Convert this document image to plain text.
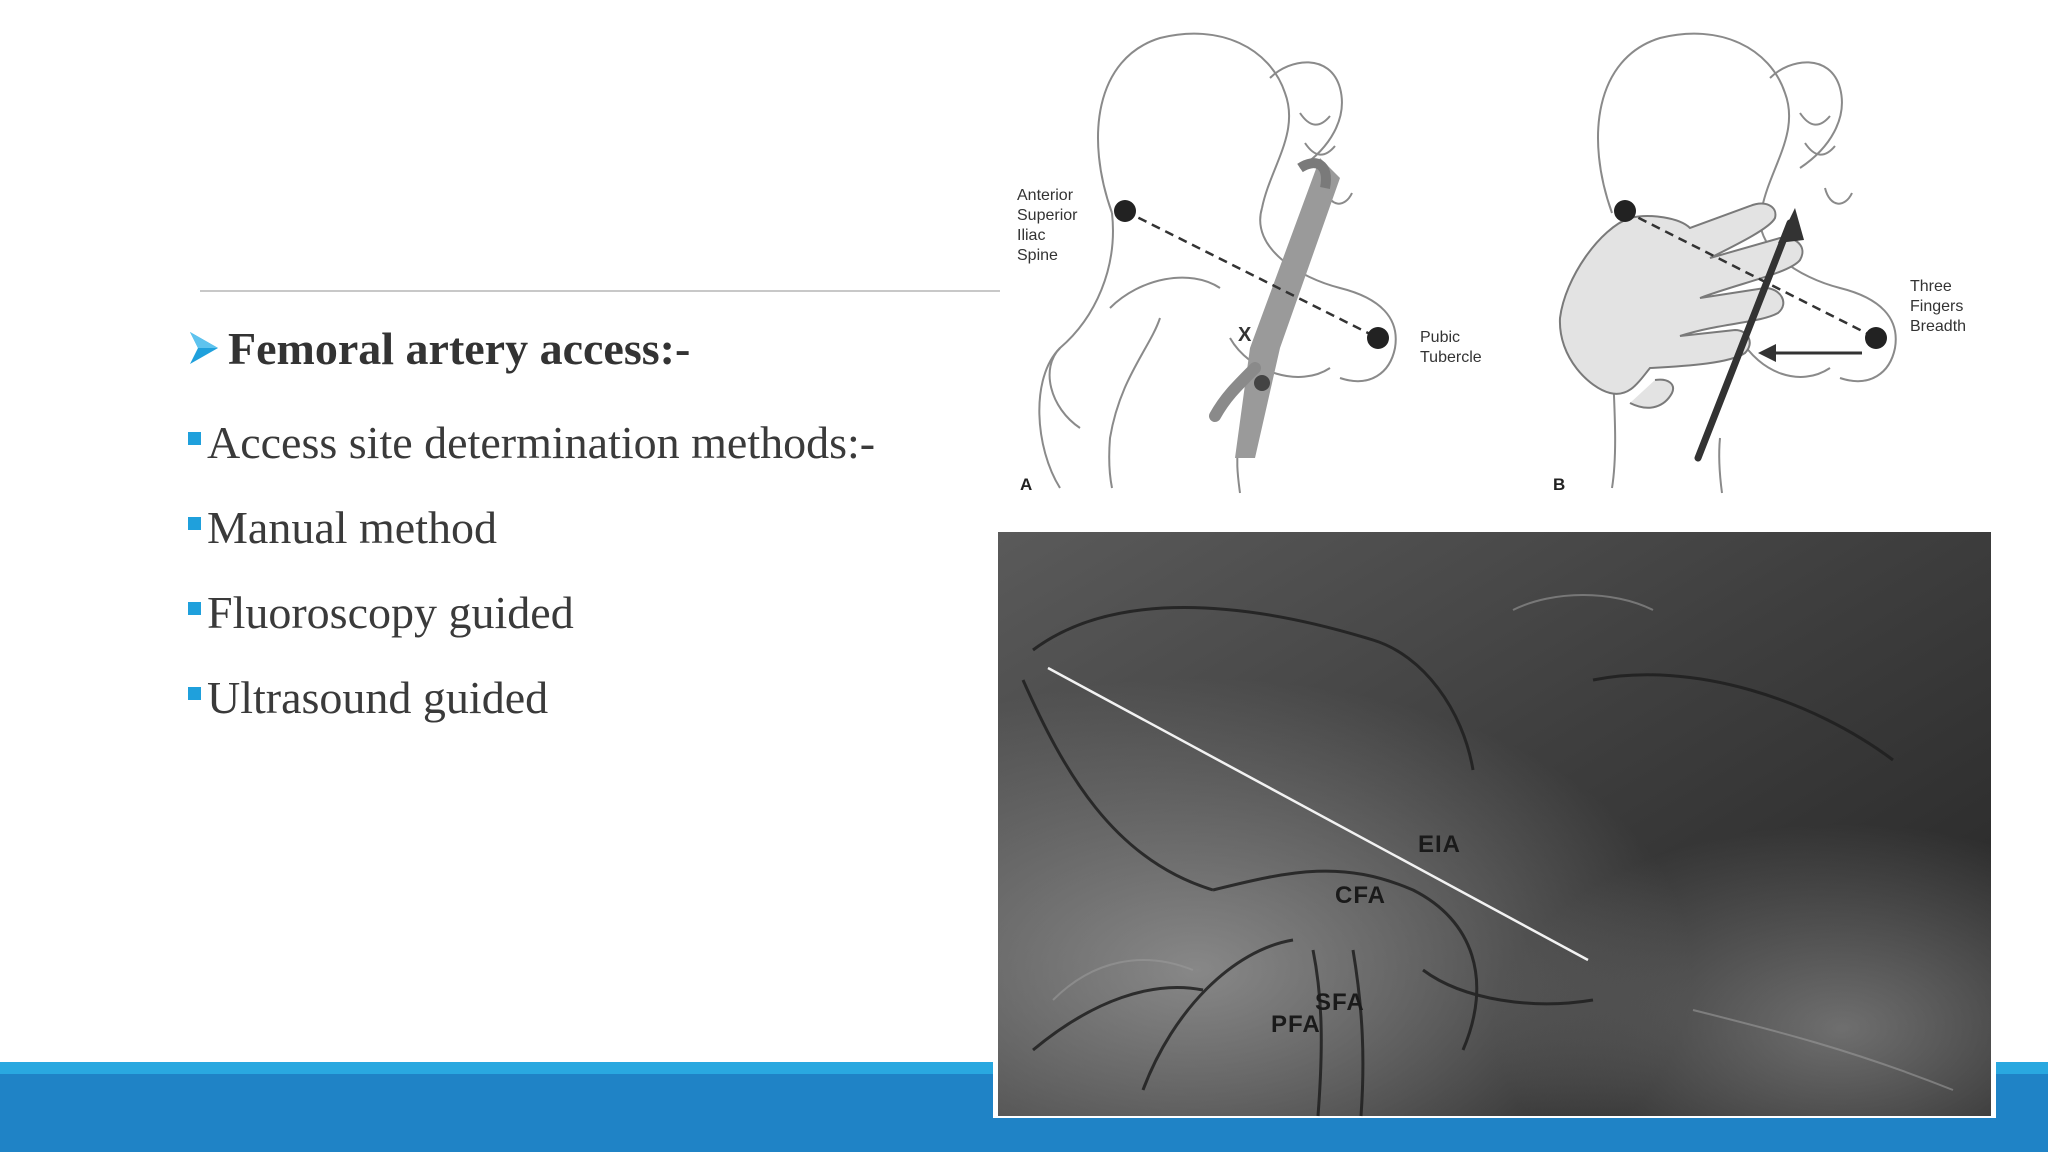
Femoral artery access:-
Access site determination methods:-
Manual method
Fluoroscopy guided
Ultrasound guided
X
Anterior
Superior
Iliac
Spine
Pubic
Tubercle
A
Three
Fingers
Breadth
B
EIA
CFA
SFA
PFA
